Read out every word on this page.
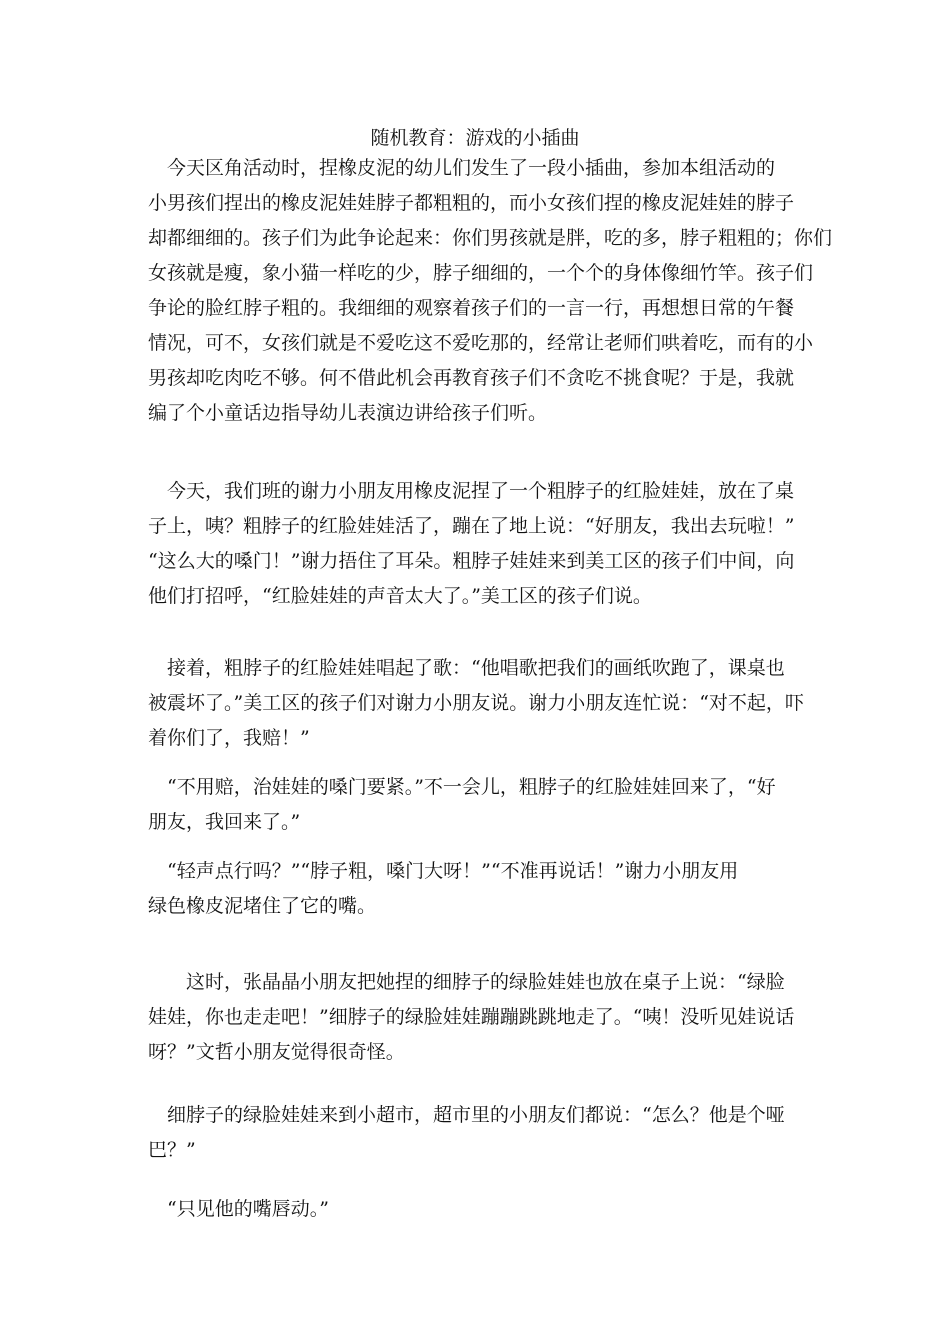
随机教育：游戏的小插曲
　今天区角活动时，捏橡皮泥的幼儿们发生了一段小插曲，参加本组活动的
小男孩们捏出的橡皮泥娃娃脖子都粗粗的，而小女孩们捏的橡皮泥娃娃的脖子
却都细细的。孩子们为此争论起来：你们男孩就是胖，吃的多，脖子粗粗的；你们
女孩就是瘦，象小猫一样吃的少，脖子细细的，一个个的身体像细竹竿。孩子们
争论的脸红脖子粗的。我细细的观察着孩子们的一言一行，再想想日常的午餐
情况，可不，女孩们就是不爱吃这不爱吃那的，经常让老师们哄着吃，而有的小
男孩却吃肉吃不够。何不借此机会再教育孩子们不贪吃不挑食呢？于是，我就
编了个小童话边指导幼儿表演边讲给孩子们听。
　今天，我们班的谢力小朋友用橡皮泥捏了一个粗脖子的红脸娃娃，放在了桌
子上，咦？粗脖子的红脸娃娃活了，蹦在了地上说：“好朋友，我出去玩啦！”
“这么大的嗓门！”谢力捂住了耳朵。粗脖子娃娃来到美工区的孩子们中间，向
他们打招呼，“红脸娃娃的声音太大了。”美工区的孩子们说。
　接着，粗脖子的红脸娃娃唱起了歌：“他唱歌把我们的画纸吹跑了，课桌也
被震坏了。”美工区的孩子们对谢力小朋友说。谢力小朋友连忙说：“对不起，吓
着你们了，我赔！”
　“不用赔，治娃娃的嗓门要紧。”不一会儿，粗脖子的红脸娃娃回来了，“好
朋友，我回来了。”
　“轻声点行吗？”“脖子粗，嗓门大呀！”“不准再说话！”谢力小朋友用
绿色橡皮泥堵住了它的嘴。
　　这时，张晶晶小朋友把她捏的细脖子的绿脸娃娃也放在桌子上说：“绿脸
娃娃，你也走走吧！”细脖子的绿脸娃娃蹦蹦跳跳地走了。“咦！没听见娃说话
呀？”文哲小朋友觉得很奇怪。
　细脖子的绿脸娃娃来到小超市，超市里的小朋友们都说：“怎么？他是个哑
巴？”
　“只见他的嘴唇动。”
